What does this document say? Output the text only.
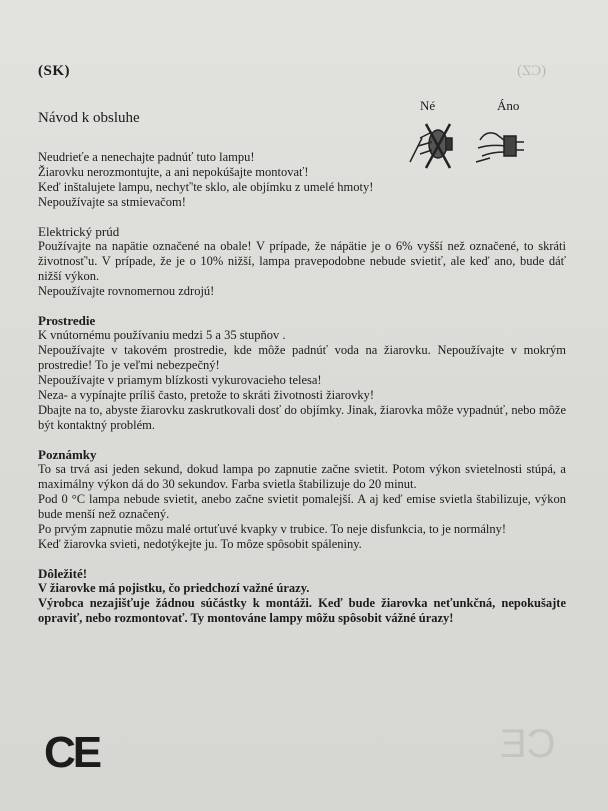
(CZ)
(SK)
Návod k obsluhe
Né	Áno

Neudrieťe a nenechajte padnúť tuto lampu!

Žiarovku nerozmontujte, a ani nepokúšajte montovať!

Keď inštalujete lampu, nechyť'te sklo, ale objímku z umelé hmoty!

Nepoužívajte sa stmievačom!

Elektrický prúd

Používajte na napätie označené na obale! V prípade, že nápätie je o 6% vyšší než označené, to skráti životnosť'u. V prípade, že je o 10% nižší, lampa pravepodobne nebude svietiť, ale keď ano, bude dáť nižší výkon.

Nepoužívajte rovnomernou zdrojú!

Prostredie

K vnútornému používaniu medzi 5 a 35 stupňov .

Nepoužívajte v takovém prostredie, kde môže padnúť voda na žiarovku. Nepoužívajte v mokrým prostredie! To je veľmi nebezpečný!

Nepoužívajte v priamym blízkosti vykurovacieho telesa!

Neza- a vypínajte príliš často, pretože to skráti životnosti žiarovky!

Dbajte na to, abyste žiarovku zaskrutkovali dosť do objímky. Jinak, žiarovka môže vypadnúť, nebo môže být kontaktný problém.

Poznámky

To sa trvá asi jeden sekund, dokud lampa po zapnutie začne svietit. Potom výkon svietelnosti stúpá, a maximálny výkon dá do 30 sekundov. Farba svietla štabilizuje do 20 minut.

Pod 0 °C lampa nebude svietit, anebo začne svietit pomalejší. A aj keď emise svietla štabilizuje, výkon bude menší než označený.

Po prvým zapnutie môzu malé ortuťuvé kvapky v trubice. To neje disfunkcia, to je normálny!

Keď žiarovka svieti, nedotýkejte ju. To môze spôsobit spáleniny.

Dôležité!

V žiarovke má pojistku, čo priedchozí važné úrazy.

Výrobca nezajišťuje žádnou súčástky k montáži. Keď bude žiarovka neťunkčná, nepokušajte opraviť, nebo rozmontovať. Ty montováne lampy môžu spôsobit vážné úrazy!

CE	CE
